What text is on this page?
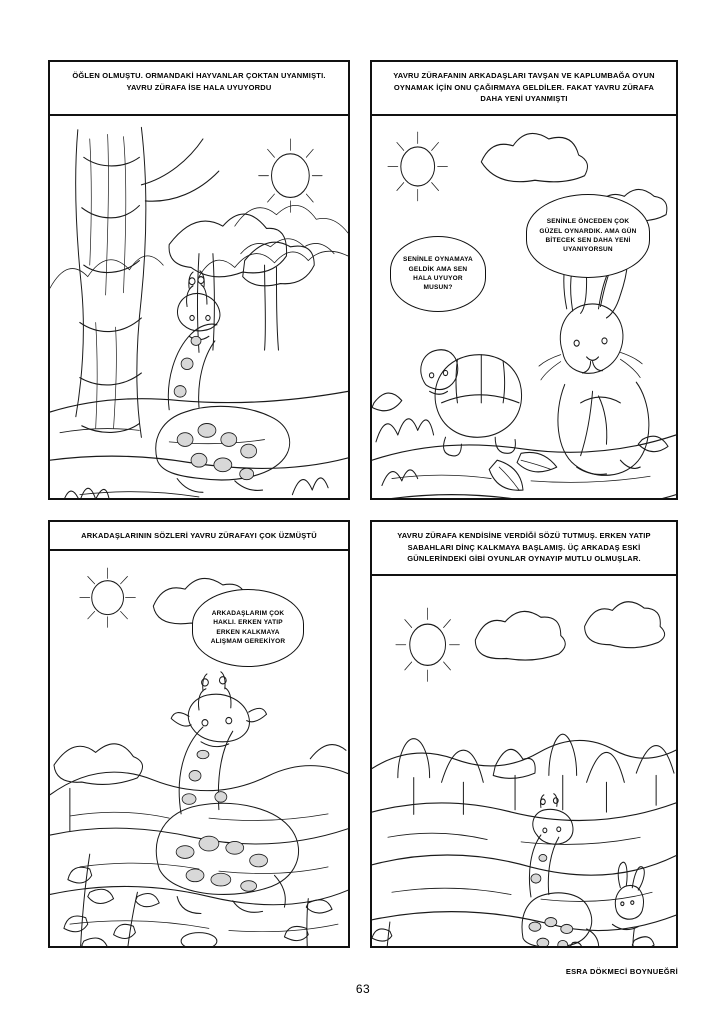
ÖĞLEN OLMUŞTU. ORMANDAKİ HAYVANLAR ÇOKTAN UYANMIŞTI. YAVRU ZÜRAFA İSE HALA UYUYORDU
YAVRU ZÜRAFANIN ARKADAŞLARI TAVŞAN VE KAPLUMBAĞA OYUN OYNAMAK İÇİN ONU ÇAĞIRMAYA GELDİLER. FAKAT YAVRU ZÜRAFA DAHA YENİ UYANMIŞTI
SENİNLE OYNAMAYA GELDİK AMA SEN HALA UYUYOR MUSUN?
SENİNLE ÖNCEDEN ÇOK GÜZEL OYNARDIK. AMA GÜN BİTECEK SEN DAHA YENİ UYANIYORSUN
ARKADAŞLARININ SÖZLERİ YAVRU ZÜRAFAYI ÇOK ÜZMÜŞTÜ
ARKADAŞLARIM ÇOK HAKLI. ERKEN YATIP ERKEN KALKMAYA ALIŞMAM GEREKİYOR
YAVRU ZÜRAFA KENDİSİNE VERDİĞİ SÖZÜ TUTMUŞ. ERKEN YATIP SABAHLARI DİNÇ KALKMAYA BAŞLAMIŞ. ÜÇ ARKADAŞ ESKİ GÜNLERİNDEKİ GİBİ OYUNLAR OYNAYIP MUTLU OLMUŞLAR.
ESRA DÖKMECİ BOYNUEĞRİ
63
